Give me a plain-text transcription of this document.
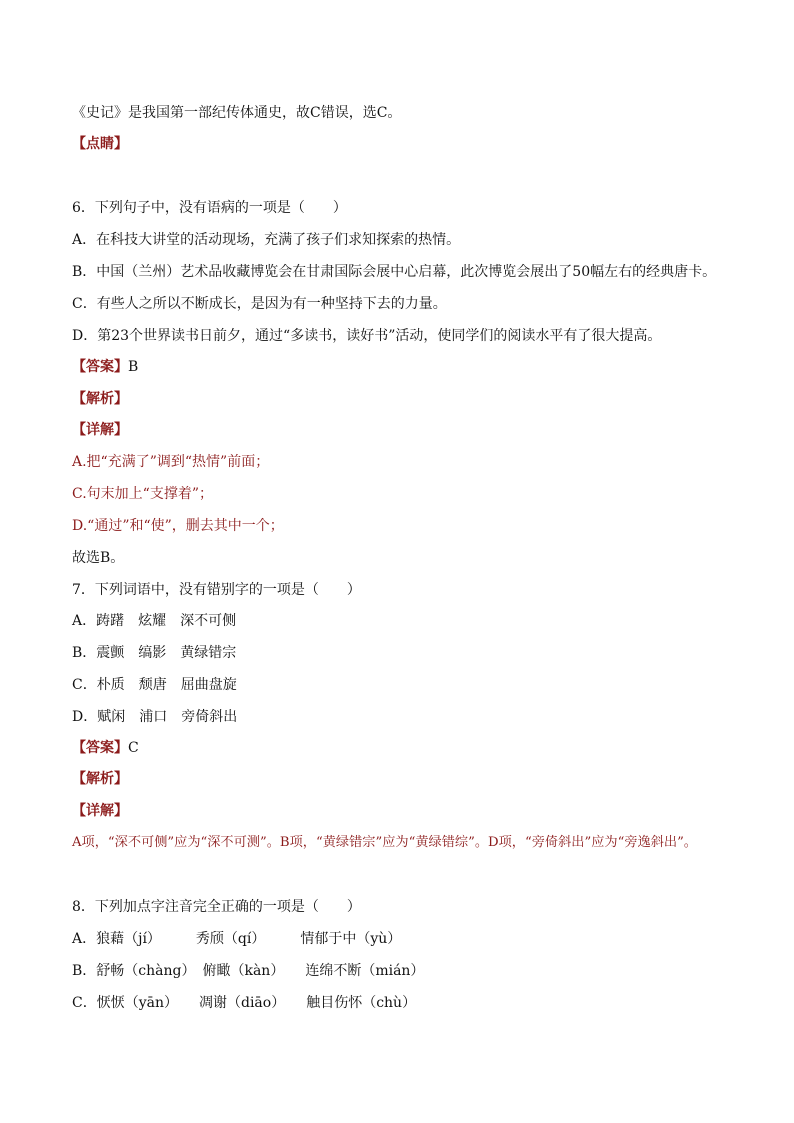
《史记》是我国第一部纪传体通史，故C错误，选C。
【点睛】
6．下列句子中，没有语病的一项是（　　）
A．在科技大讲堂的活动现场，充满了孩子们求知探索的热情。
B．中国（兰州）艺术品收藏博览会在甘肃国际会展中心启幕，此次博览会展出了50幅左右的经典唐卡。
C．有些人之所以不断成长，是因为有一种坚持下去的力量。
D．第23个世界读书日前夕，通过“多读书，读好书”活动，使同学们的阅读水平有了很大提高。
【答案】B
【解析】
【详解】
A.把“充满了”调到“热情”前面；
C.句末加上“支撑着”；
D.“通过”和“使”，删去其中一个；
故选B。
7．下列词语中，没有错别字的一项是（　　）
A．踌躇　炫耀　深不可侧
B．震颤　缟影　黄绿错宗
C．朴质　颓唐　屈曲盘旋
D．赋闲　浦口　旁倚斜出
【答案】C
【解析】
【详解】
A项，“深不可侧”应为“深不可测”。B项，“黄绿错宗”应为“黄绿错综”。D项，“旁倚斜出”应为“旁逸斜出”。
8．下列加点字注音完全正确的一项是（　　）
A．狼藉（jí）　　　秀颀（qí）　　　情郁于中（yù）
B．舒畅（chàng）　俯瞰（kàn）　　连绵不断（mián）
C．恹恹（yān）　　凋谢（diāo）　　触目伤怀（chù）
